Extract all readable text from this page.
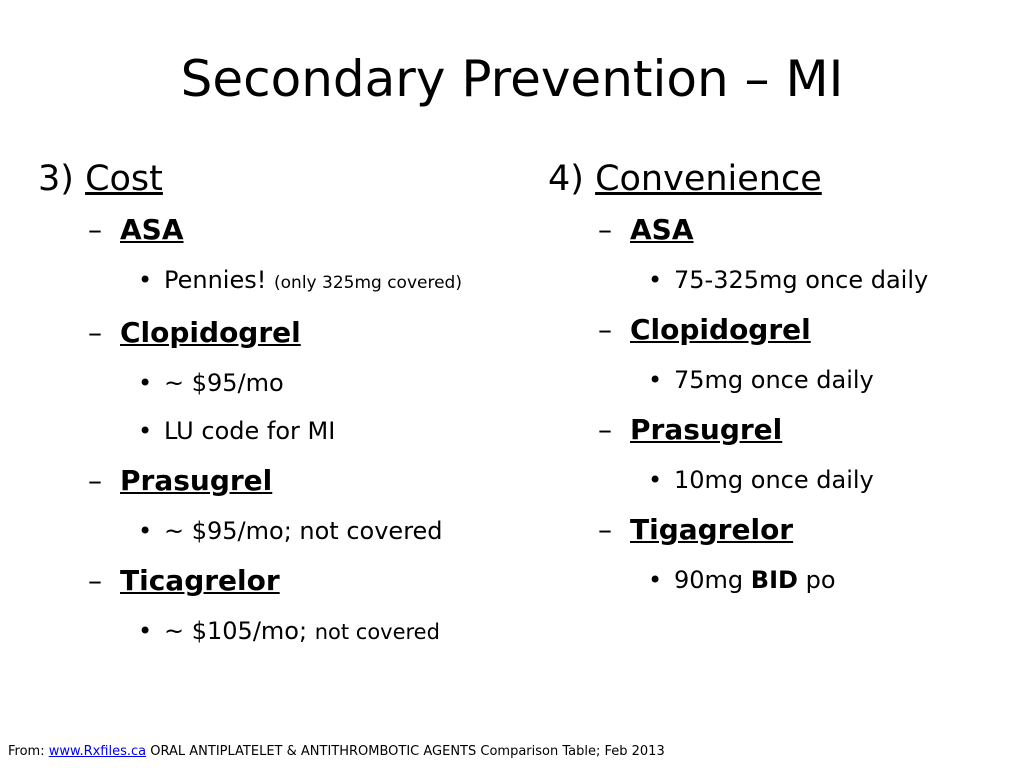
Secondary Prevention – MI
3) Cost
– ASA
• Pennies! (only 325mg covered)
– Clopidogrel
• ~ $95/mo
• LU code for MI
– Prasugrel
• ~ $95/mo; not covered
– Ticagrelor
• ~ $105/mo; not covered
4) Convenience
– ASA
• 75-325mg once daily
– Clopidogrel
• 75mg once daily
– Prasugrel
• 10mg once daily
– Tigagrelor
• 90mg BID po
From: www.Rxfiles.ca ORAL ANTIPLATELET & ANTITHROMBOTIC AGENTS Comparison Table; Feb 2013
